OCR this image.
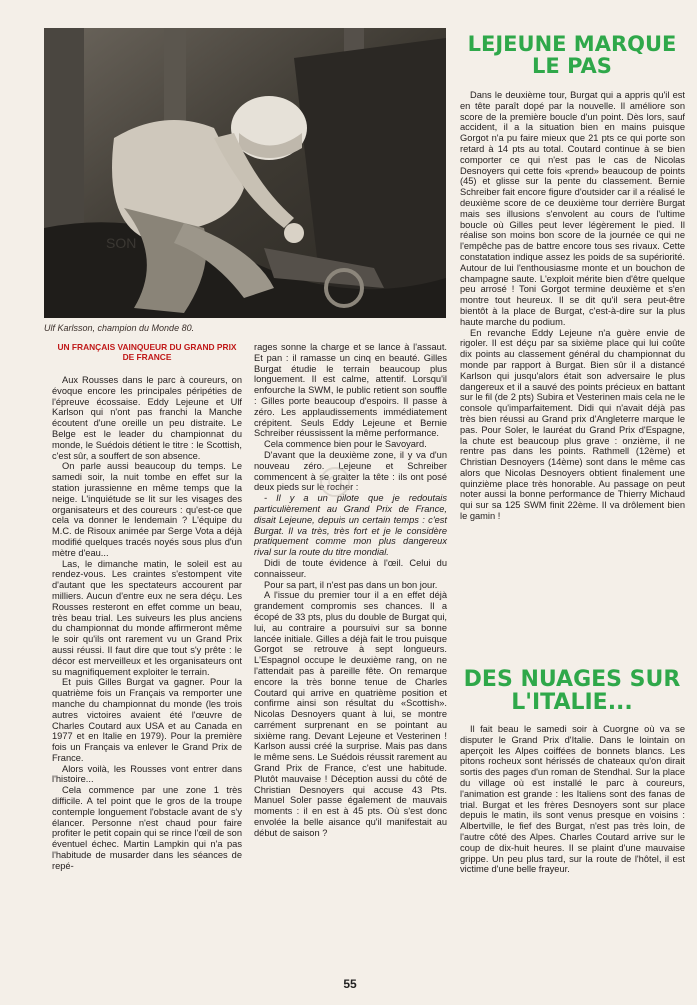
SON
Ulf Karlsson, champion du Monde 80.
LEJEUNE MARQUE LE PAS
DES NUAGES SUR L'ITALIE...
UN FRANÇAIS VAINQUEUR DU GRAND PRIX DE FRANCE

Aux Rousses dans le parc à coureurs, on évoque encore les principales péripéties de l'épreuve écossaise. Eddy Lejeune et Ulf Karlson qui n'ont pas franchi la Manche écoutent d'une oreille un peu distraite. Le Belge est le leader du championnat du monde, le Suédois détient le titre : le Scottish, c'est sûr, a souffert de son absence.

On parle aussi beaucoup du temps. Le samedi soir, la nuit tombe en effet sur la station jurassienne en même temps que la neige. L'inquiétude se lit sur les visages des organisateurs et des coureurs : qu'est-ce que cela va donner le lendemain ? L'équipe du M.C. de Risoux animée par Serge Vota a déjà modifié quelques tracés noyés sous plus d'un mètre d'eau...

Las, le dimanche matin, le soleil est au rendez-vous. Les craintes s'estompent vite d'autant que les spectateurs accourent par milliers. Aucun d'entre eux ne sera déçu. Les Rousses resteront en effet comme un beau, très beau trial. Les suiveurs les plus anciens du championnat du monde affirmeront même le soir qu'ils ont rarement vu un Grand Prix aussi réussi. Il faut dire que tout s'y prête : le décor est merveilleux et les organisateurs ont su magnifiquement exploiter le terrain.

Et puis Gilles Burgat va gagner. Pour la quatrième fois un Français va remporter une manche du championnat du monde (les trois autres victoires avaient été l'œuvre de Charles Coutard aux USA et au Canada en 1977 et en Italie en 1979). Pour la première fois un Français va enlever le Grand Prix de France.

Alors voilà, les Rousses vont entrer dans l'histoire...

Cela commence par une zone 1 très difficile. A tel point que le gros de la troupe contemple longuement l'obstacle avant de s'y élancer. Personne n'est chaud pour faire profiter le petit copain qui se rince l'œil de son éventuel échec. Martin Lampkin qui n'a pas l'habitude de musarder dans les séances de repé-

rages sonne la charge et se lance à l'assaut. Et pan : il ramasse un cinq en beauté. Gilles Burgat étudie le terrain beaucoup plus longuement. Il est calme, attentif. Lorsqu'il enfourche la SWM, le public retient son souffle : Gilles porte beaucoup d'espoirs. Il passe à zéro. Les applaudissements immédiatement crépitent. Seuls Eddy Lejeune et Bernie Schreiber réussissent la même performance.

Cela commence bien pour le Savoyard.

D'avant que la deuxième zone, il y va d'un nouveau zéro. Lejeune et Schreiber commencent à se gratter la tête : ils ont posé deux pieds sur le rocher :

- Il y a un pilote que je redoutais particulièrement au Grand Prix de France, disait Lejeune, depuis un certain temps : c'est Burgat. Il va très, très fort et je le considère pratiquement comme mon plus dangereux rival sur la route du titre mondial.

Didi de toute évidence à l'œil. Celui du connaisseur.

Pour sa part, il n'est pas dans un bon jour.

A l'issue du premier tour il a en effet déjà grandement compromis ses chances. Il a écopé de 33 pts, plus du double de Burgat qui, lui, au contraire a poursuivi sur sa bonne lancée initiale. Gilles a déjà fait le trou puisque Gorgot se retrouve à sept longueurs. L'Espagnol occupe le deuxième rang, on ne l'attendait pas à pareille fête. On remarque encore la très bonne tenue de Charles Coutard qui arrive en quatrième position et confirme ainsi son résultat du «Scottish». Nicolas Desnoyers quant à lui, se montre carrément surprenant en se pointant au sixième rang. Devant Lejeune et Vesterinen ! Karlson aussi créé la surprise. Mais pas dans le même sens. Le Suédois réussit rarement au Grand Prix de France, c'est une habitude. Plutôt mauvaise ! Déception aussi du côté de Christian Desnoyers qui accuse 43 Pts. Manuel Soler passe également de mauvais moments : il en est à 45 pts. Où s'est donc envolée la belle aisance qu'il manifestait au début de saison ?

Dans le deuxième tour, Burgat qui a appris qu'il est en tête paraît dopé par la nouvelle. Il améliore son score de la première boucle d'un point. Dès lors, sauf accident, il a la situation bien en mains puisque Gorgot n'a pu faire mieux que 21 pts ce qui porte son retard à 14 pts au total. Coutard continue à se bien comporter ce qui n'est pas le cas de Nicolas Desnoyers qui cette fois «prend» beaucoup de points (45) et glisse sur la pente du classement. Bernie Schreiber fait encore figure d'outsider car il a réalisé le deuxième score de ce deuxième tour derrière Burgat mais ses illusions s'envolent au cours de l'ultime boucle où Gilles peut lever légèrement le pied. Il réalise son moins bon score de la journée ce qui ne l'empêche pas de battre encore tous ses rivaux. Cette constatation indique assez les poids de sa supériorité. Autour de lui l'enthousiasme monte et un bouchon de champagne saute. L'exploit mérite bien d'être quelque peu arrosé ! Toni Gorgot termine deuxième et s'en montre tout heureux. Il se dit qu'il sera peut-être bientôt à la place de Burgat, c'est-à-dire sur la plus haute marche du podium.

En revanche Eddy Lejeune n'a guère envie de rigoler. Il est déçu par sa sixième place qui lui coûte dix points au classement général du championnat du monde par rapport à Burgat. Bien sûr il a distancé Karlson qui jusqu'alors était son adversaire le plus dangereux et il a sauvé des points précieux en battant sur le fil (de 2 pts) Subira et Vesterinen mais cela ne le console qu'imparfaitement. Didi qui n'avait déjà pas très bien réussi au Grand prix d'Angleterre marque le pas. Pour Soler, le lauréat du Grand Prix d'Espagne, la chute est beaucoup plus grave : onzième, il ne rentre pas dans les points. Rathmell (12ème) et Christian Desnoyers (14ème) sont dans le même cas alors que Nicolas Desnoyers obtient finalement une quinzième place très honorable. Au passage on peut noter aussi la bonne performance de Thierry Michaud qui sur sa 125 SWM finit 22ème. Il va drôlement bien le gamin !

Il fait beau le samedi soir à Cuorgne où va se disputer le Grand Prix d'Italie. Dans le lointain on aperçoit les Alpes coiffées de bonnets blancs. Les pitons rocheux sont hérissés de chateaux qu'on dirait sortis des pages d'un roman de Stendhal. Sur la place du village où est installé le parc à coureurs, l'animation est grande : les Italiens sont des fanas de trial. Burgat et les frères Desnoyers sont sur place depuis le matin, ils sont venus presque en voisins : Albertville, le fief des Burgat, n'est pas très loin, de l'autre côté des Alpes. Charles Coutard arrive sur le coup de dix-huit heures. Il se plaint d'une mauvaise grippe. Un peu plus tard, sur la route de l'hôtel, il est victime d'une belle frayeur.

55
